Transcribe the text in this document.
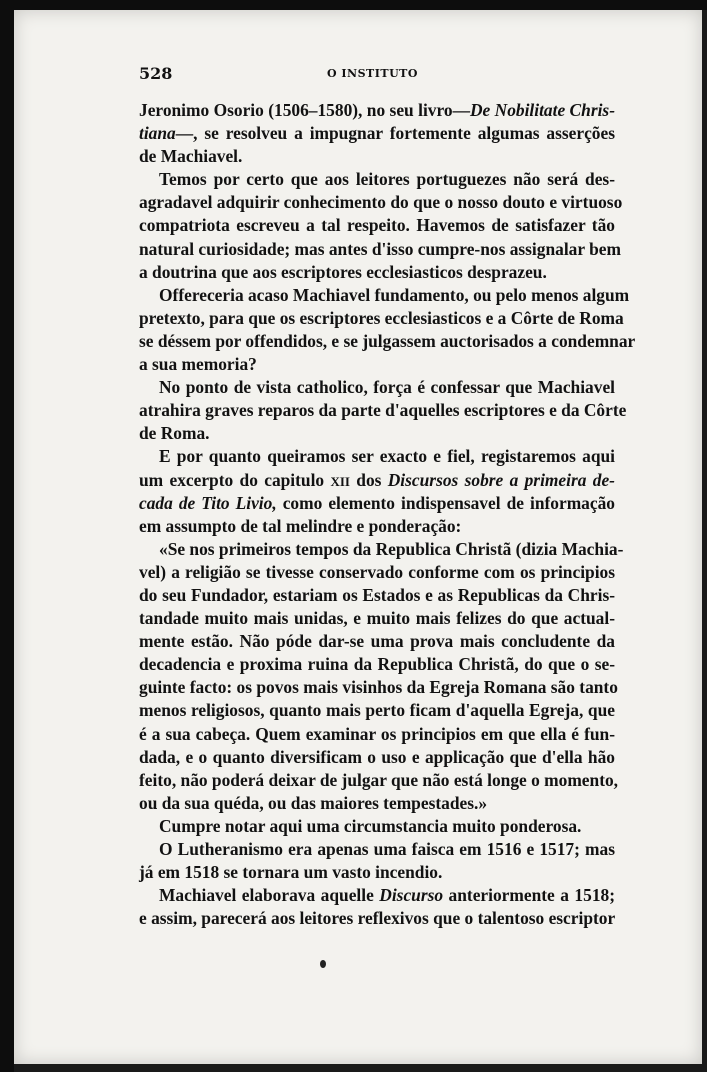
528	O INSTITUTO
Jeronimo Osorio (1506–1580), no seu livro—De Nobilitate Chris-
tiana—, se resolveu a impugnar fortemente algumas asserções
de Machiavel.
Temos por certo que aos leitores portuguezes não será des-
agradavel adquirir conhecimento do que o nosso douto e virtuoso
compatriota escreveu a tal respeito. Havemos de satisfazer tão
natural curiosidade; mas antes d'isso cumpre-nos assignalar bem
a doutrina que aos escriptores ecclesiasticos desprazeu.
Offereceria acaso Machiavel fundamento, ou pelo menos algum
pretexto, para que os escriptores ecclesiasticos e a Côrte de Roma
se déssem por offendidos, e se julgassem auctorisados a condemnar
a sua memoria?
No ponto de vista catholico, força é confessar que Machiavel
atrahira graves reparos da parte d'aquelles escriptores e da Côrte
de Roma.
E por quanto queiramos ser exacto e fiel, registaremos aqui
um excerpto do capitulo XII dos Discursos sobre a primeira de-
cada de Tito Livio, como elemento indispensavel de informação
em assumpto de tal melindre e ponderação:
«Se nos primeiros tempos da Republica Christã (dizia Machia-
vel) a religião se tivesse conservado conforme com os principios
do seu Fundador, estariam os Estados e as Republicas da Chris-
tandade muito mais unidas, e muito mais felizes do que actual-
mente estão. Não póde dar-se uma prova mais concludente da
decadencia e proxima ruina da Republica Christã, do que o se-
guinte facto: os povos mais visinhos da Egreja Romana são tanto
menos religiosos, quanto mais perto ficam d'aquella Egreja, que
é a sua cabeça. Quem examinar os principios em que ella é fun-
dada, e o quanto diversificam o uso e applicação que d'ella hão
feito, não poderá deixar de julgar que não está longe o momento,
ou da sua quéda, ou das maiores tempestades.»
Cumpre notar aqui uma circumstancia muito ponderosa.
O Lutheranismo era apenas uma faisca em 1516 e 1517; mas
já em 1518 se tornara um vasto incendio.
Machiavel elaborava aquelle Discurso anteriormente a 1518;
e assim, parecerá aos leitores reflexivos que o talentoso escriptor
